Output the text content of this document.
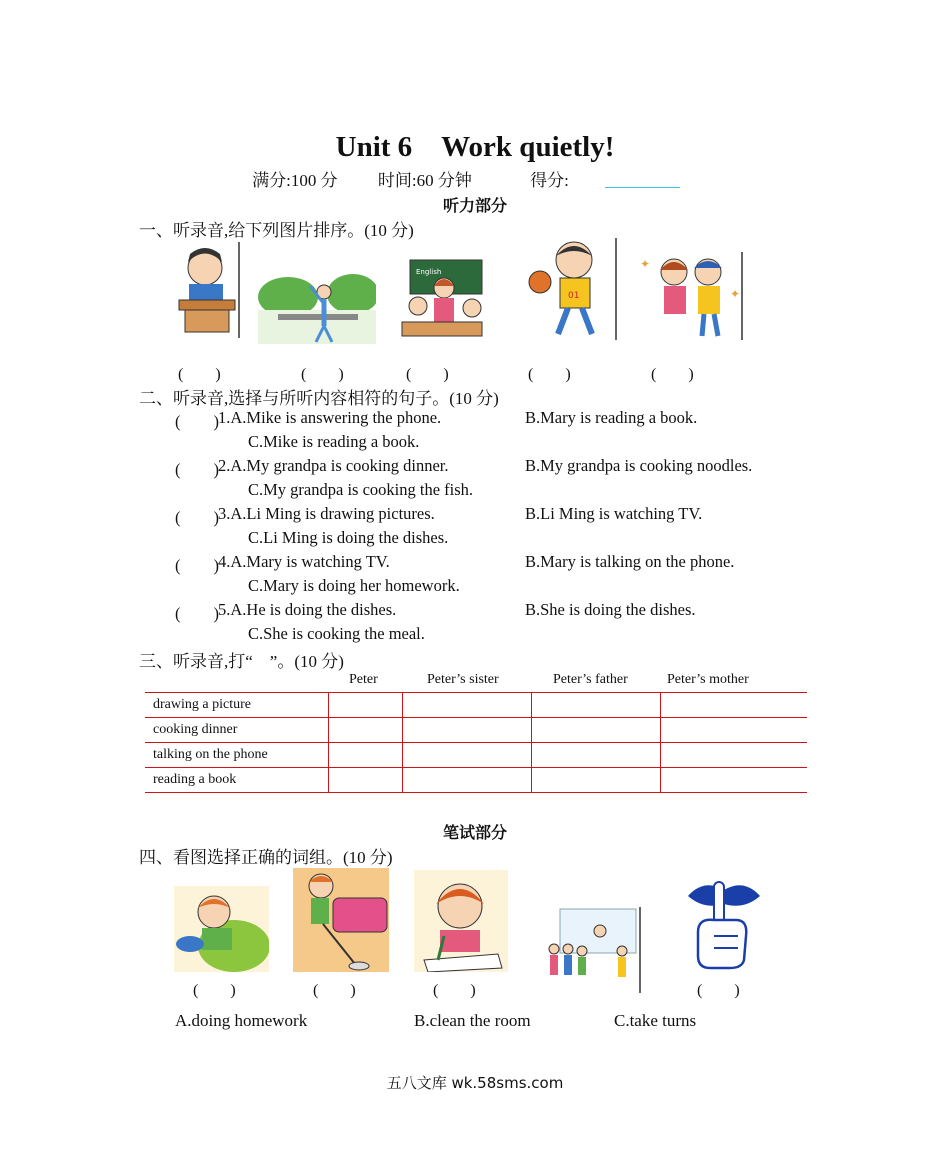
Unit 6　Work quietly!
满分:100 分 时间:60 分钟	得分:
听力部分
一、听录音,给下列图片排序。(10 分)
English
01
✦
✦
(　　)	(　　)	(　　)	(　　)	(　　)
二、听录音,选择与所听内容相符的句子。(10 分)
(　　) 1.A.Mike is answering the phone.	B.Mary is reading a book.
C.Mike is reading a book.
(　　) 2.A.My grandpa is cooking dinner.	B.My grandpa is cooking noodles.
C.My grandpa is cooking the fish.
(　　) 3.A.Li Ming is drawing pictures.	B.Li Ming is watching TV.
C.Li Ming is doing the dishes.
(　　) 4.A.Mary is watching TV.	B.Mary is talking on the phone.
C.Mary is doing her homework.
(　　) 5.A.He is doing the dishes.	B.She is doing the dishes.
C.She is cooking the meal.
三、听录音,打“　”。(10 分)
Peter	Peter’s sister	Peter’s father	Peter’s mother
drawing a picture				
cooking dinner				
talking on the phone				
reading a book				
笔试部分
四、看图选择正确的词组。(10 分)
(　　)	(　　)	(　　)	(　　)
A.doing homework	B.clean the room	C.take turns
五八文库 wk.58sms.com
